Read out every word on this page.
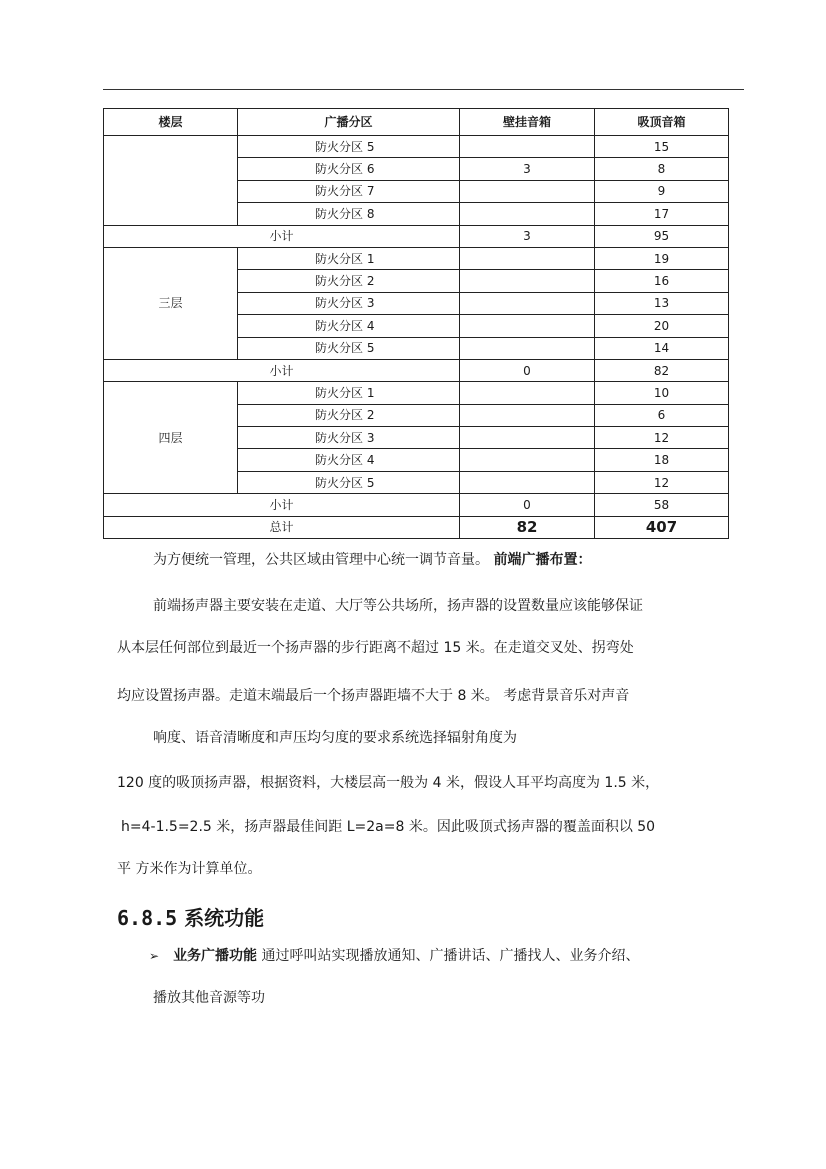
楼层	广播分区	壁挂音箱	吸顶音箱
	防火分区 5		15
	防火分区 6	3	8
	防火分区 7		9
	防火分区 8		17
小计		3	95
三层	防火分区 1		19
	防火分区 2		16
	防火分区 3		13
	防火分区 4		20
	防火分区 5		14
小计		0	82
四层	防火分区 1		10
	防火分区 2		6
	防火分区 3		12
	防火分区 4		18
	防火分区 5		12
小计		0	58
总计		82	407
为方便统一管理，公共区域由管理中心统一调节音量。 前端广播布置：
前端扬声器主要安装在走道、大厅等公共场所，扬声器的设置数量应该能够保证
从本层任何部位到最近一个扬声器的步行距离不超过 15 米。在走道交叉处、拐弯处
均应设置扬声器。走道末端最后一个扬声器距墙不大于 8 米。 考虑背景音乐对声音
响度、语音清晰度和声压均匀度的要求系统选择辐射角度为
120 度的吸顶扬声器，根据资料，大楼层高一般为 4 米，假设人耳平均高度为 1.5 米，
h=4-1.5=2.5 米，扬声器最佳间距 L=2a=8 米。因此吸顶式扬声器的覆盖面积以 50
平 方米作为计算单位。
6.8.5 系统功能
➢ 业务广播功能 通过呼叫站实现播放通知、广播讲话、广播找人、业务介绍、
播放其他音源等功
